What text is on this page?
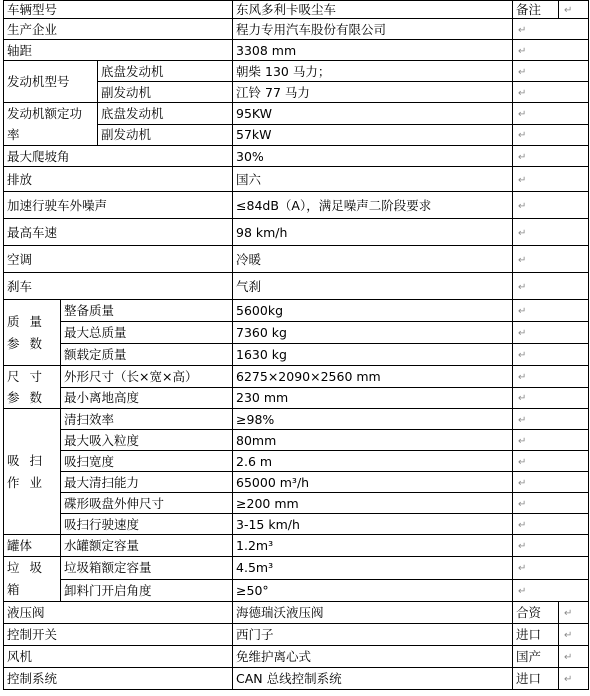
车辆型号			东风多利卡吸尘车	备注	↵
生产企业			程力专用汽车股份有限公司	↵	
轴距			3308 mm	↵	
发动机型号		底盘发动机	朝柴 130 马力；	↵	
		副发动机	江铃 77 马力	↵	
发动机额定功率		底盘发动机	95KW	↵	
		副发动机	57kW	↵	
最大爬坡角			30%	↵	
排放			国六	↵	
加速行驶车外噪声			≤84dB（A），满足噪声二阶段要求	↵	
最高车速			98 km/h	↵	
空调			冷暖	↵	
刹车			气刹	↵	
质量参数	整备质量		5600kg	↵	
	最大总质量		7360 kg	↵	
	额载定质量		1630 kg	↵	
尺寸参数	外形尺寸（长×宽×高）		6275×2090×2560 mm	↵	
	最小离地高度		230 mm	↵	
吸扫作业	清扫效率		≥98%	↵	
	最大吸入粒度		80mm	↵	
	吸扫宽度		2.6 m	↵	
	最大清扫能力		65000 m³/h	↵	
	碟形吸盘外伸尺寸		≥200 mm	↵	
	吸扫行驶速度		3-15 km/h	↵	
罐体	水罐额定容量		1.2m³	↵	
垃圾箱	垃圾箱额定容量		4.5m³	↵	
	卸料门开启角度		≥50°	↵	
液压阀			海德瑞沃液压阀	合资	↵
控制开关			西门子	进口	↵
风机			免维护离心式	国产	↵
控制系统			CAN 总线控制系统	进口	↵
